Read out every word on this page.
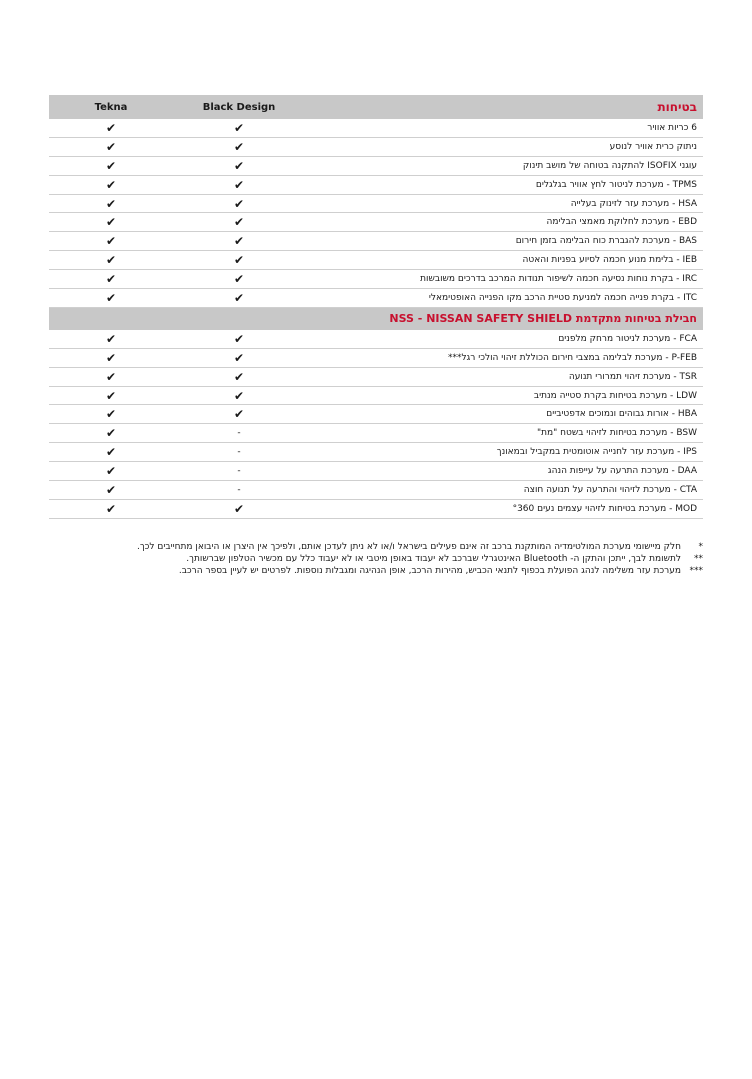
Tekna	Black Design	בטיחות
6 כריות אוויר
✔
✔
ניתוק כרית אוויר לנוסע
✔
✔
עוגני ISOFIX להתקנה בטוחה של מושב תינוק
✔
✔
TPMS - מערכת לניטור לחץ אוויר בגלגלים
✔
✔
HSA - מערכת עזר לזינוק בעלייה
✔
✔
EBD - מערכת לחלוקת מאמצי הבלימה
✔
✔
BAS - מערכת להגברת כוח הבלימה בזמן חירום
✔
✔
IEB - בלימת מנוע חכמה לסיוע בפניות והאטה
✔
✔
IRC - בקרת נוחות נסיעה חכמה לשיפור תנודות המרכב בדרכים משובשות
✔
✔
ITC - בקרת פנייה חכמה למניעת סטיית הרכב מקו הפנייה האופטימאלי
✔
✔
חבילת בטיחות מתקדמת NSS - NISSAN SAFETY SHIELD
FCA - מערכת לניטור מרחק מלפנים
✔
✔
P-FEB - מערכת לבלימה במצבי חירום הכוללת זיהוי הולכי רגל***
✔
✔
TSR - מערכת זיהוי תמרורי תנועה
✔
✔
LDW - מערכת בטיחות בקרת סטייה מנתיב
✔
✔
HBA - אורות גבוהים ונמוכים אדפטיביים
✔
✔
BSW - מערכת בטיחות לזיהוי בשטח "מת"
-
✔
IPS - מערכת עזר לחנייה אוטומטית במקביל ובמאונך
-
✔
DAA - מערכת התרעה על עייפות הנהג
-
✔
CTA - מערכת לזיהוי והתרעה על תנועה חוצה
-
✔
MOD - מערכת בטיחות לזיהוי עצמים נעים °360
✔
✔
*
חלק מיישומי מערכת המולטימדיה המותקנת ברכב זה אינם פעילים בישראל ו/או לא ניתן לעדכן אותם, ולפיכך אין היצרן או היבואן מתחייבים לכך.
**
לתשומת לבך, ייתכן והתקן ה- Bluetooth האינטגרלי שברכב לא יעבוד באופן מיטבי או לא יעבוד כלל עם מכשיר הטלפון שברשותך.
***
מערכת עזר משלימה לנהג הפועלת בכפוף לתנאי הכביש, מהירות הרכב, אופן הנהיגה ומגבלות נוספות. לפרטים יש לעיין בספר הרכב.
